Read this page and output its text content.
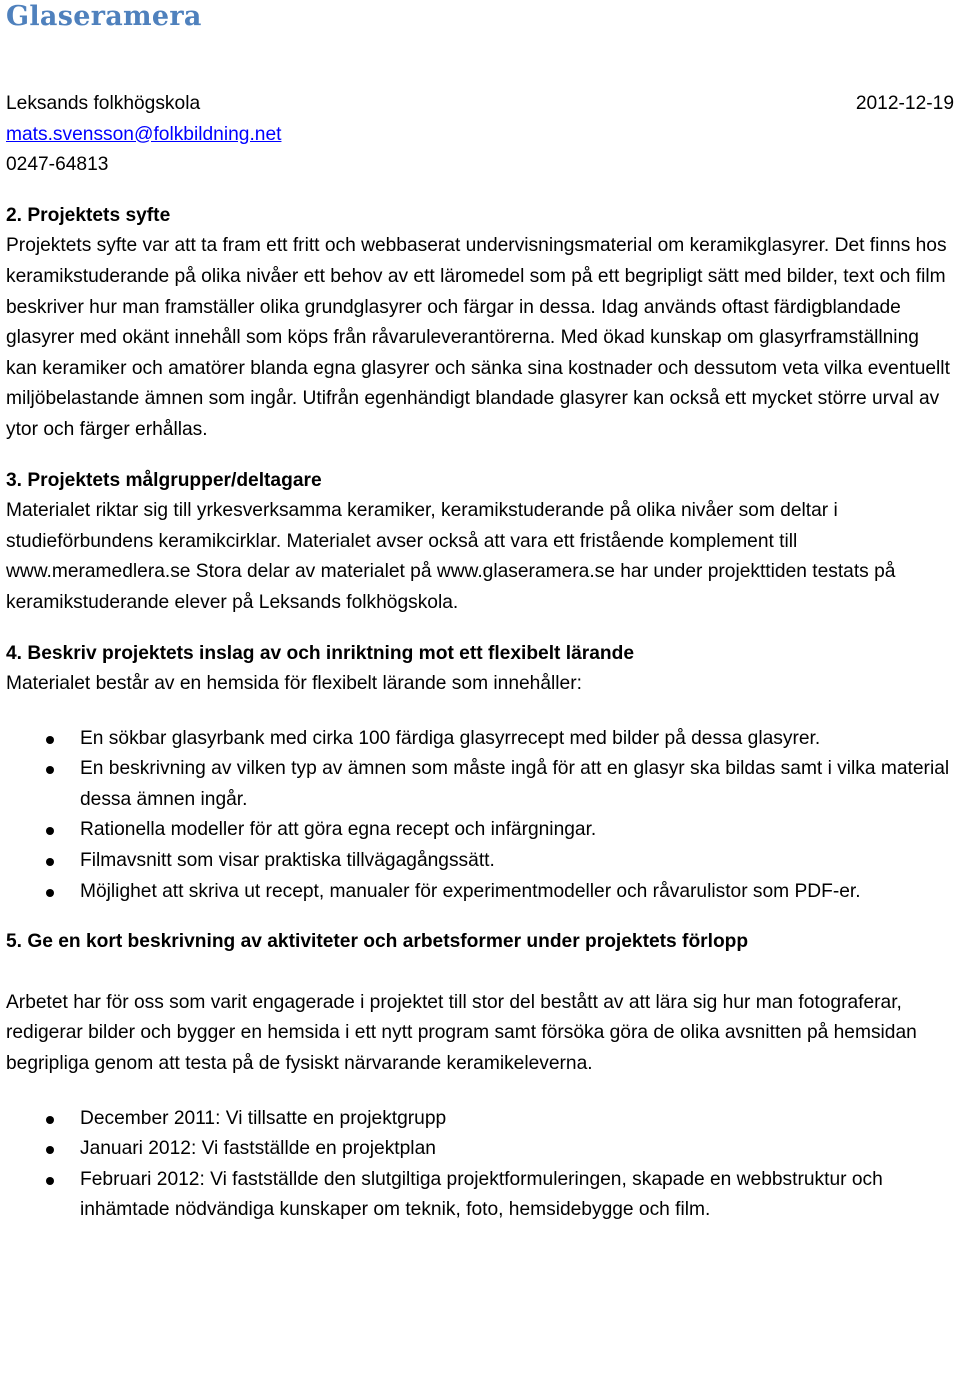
Glaseramera
Leksands folkhögskola	2012-12-19
mats.svensson@folkbildning.net
0247-64813

2. Projektets syfte

Projektets syfte var att ta fram ett fritt och webbaserat undervisningsmaterial om keramikglasyrer. Det finns hos keramikstuderande på olika nivåer ett behov av ett läromedel som på ett begripligt sätt med bilder, text och film beskriver hur man framställer olika grundglasyrer och färgar in dessa. Idag används oftast färdigblandade glasyrer med okänt innehåll som köps från råvaruleverantörerna. Med ökad kunskap om glasyrframställning kan keramiker och amatörer blanda egna glasyrer och sänka sina kostnader och dessutom veta vilka eventuellt miljöbelastande ämnen som ingår. Utifrån egenhändigt blandade glasyrer kan också ett mycket större urval av ytor och färger erhållas.

3. Projektets målgrupper/deltagare

Materialet riktar sig till yrkesverksamma keramiker, keramikstuderande på olika nivåer som deltar i studieförbundens keramikcirklar. Materialet avser också att vara ett fristående komplement till www.meramedlera.se Stora delar av materialet på www.glaseramera.se har under projekttiden testats på keramikstuderande elever på Leksands folkhögskola.

4. Beskriv projektets inslag av och inriktning mot ett flexibelt lärande

Materialet består av en hemsida för flexibelt lärande som innehåller:

En sökbar glasyrbank med cirka 100 färdiga glasyrrecept med bilder på dessa glasyrer.
En beskrivning av vilken typ av ämnen som måste ingå för att en glasyr ska bildas samt i vilka material dessa ämnen ingår.
Rationella modeller för att göra egna recept och infärgningar.
Filmavsnitt som visar praktiska tillvägagångssätt.
Möjlighet att skriva ut recept, manualer för experimentmodeller och råvarulistor som PDF-er.

5. Ge en kort beskrivning av aktiviteter och arbetsformer under projektets förlopp

Arbetet har för oss som varit engagerade i projektet till stor del bestått av att lära sig hur man fotograferar, redigerar bilder och bygger en hemsida i ett nytt program samt försöka göra de olika avsnitten på hemsidan begripliga genom att testa på de fysiskt närvarande keramikeleverna.

December 2011: Vi tillsatte en projektgrupp
Januari 2012: Vi fastställde en projektplan
Februari 2012: Vi fastställde den slutgiltiga projektformuleringen, skapade en webbstruktur och inhämtade nödvändiga kunskaper om teknik, foto, hemsidebygge och film.
